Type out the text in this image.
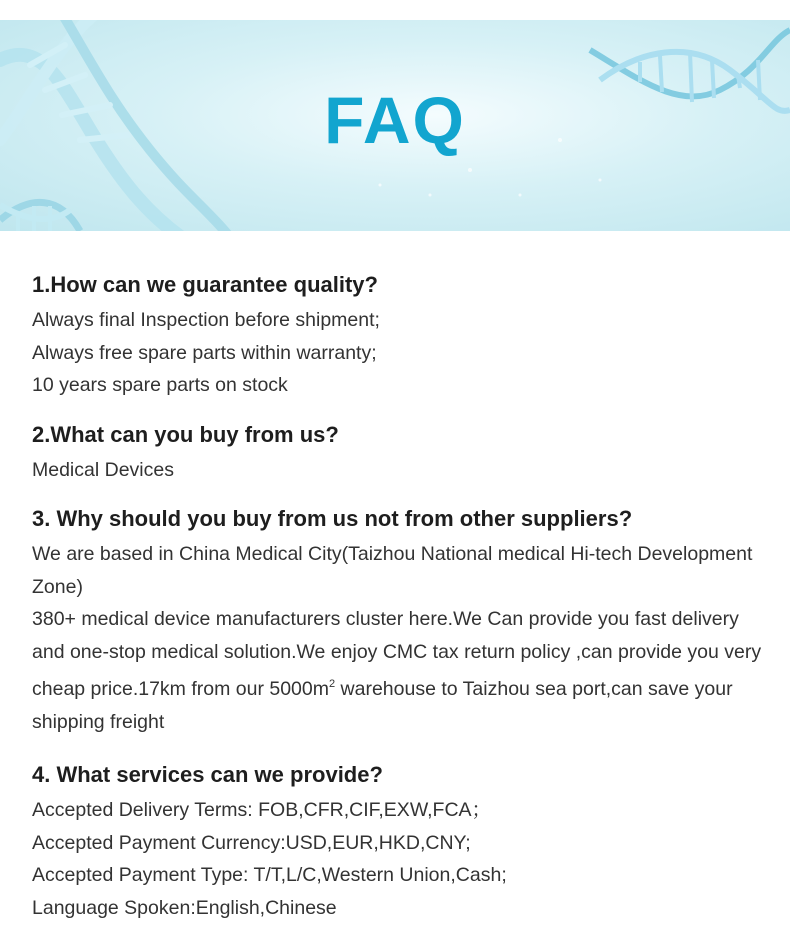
FAQ
1.How can we guarantee quality?
Always final Inspection before shipment;
Always free spare parts within warranty;
10 years spare parts on stock
2.What can you buy from us?
Medical Devices
3. Why should you buy from us not from other suppliers?
We are based in China Medical City(Taizhou National medical Hi-tech Development Zone)
380+ medical device manufacturers cluster here.We Can provide you fast delivery and one-stop medical solution.We enjoy CMC tax return policy ,can provide you very cheap price.17km from our $5000m^2$ warehouse to Taizhou sea port,can save your shipping freight
4. What services can we provide?
Accepted Delivery Terms: FOB,CFR,CIF,EXW,FCA；
Accepted Payment Currency:USD,EUR,HKD,CNY;
Accepted Payment Type: T/T,L/C,Western Union,Cash;
Language Spoken:English,Chinese
